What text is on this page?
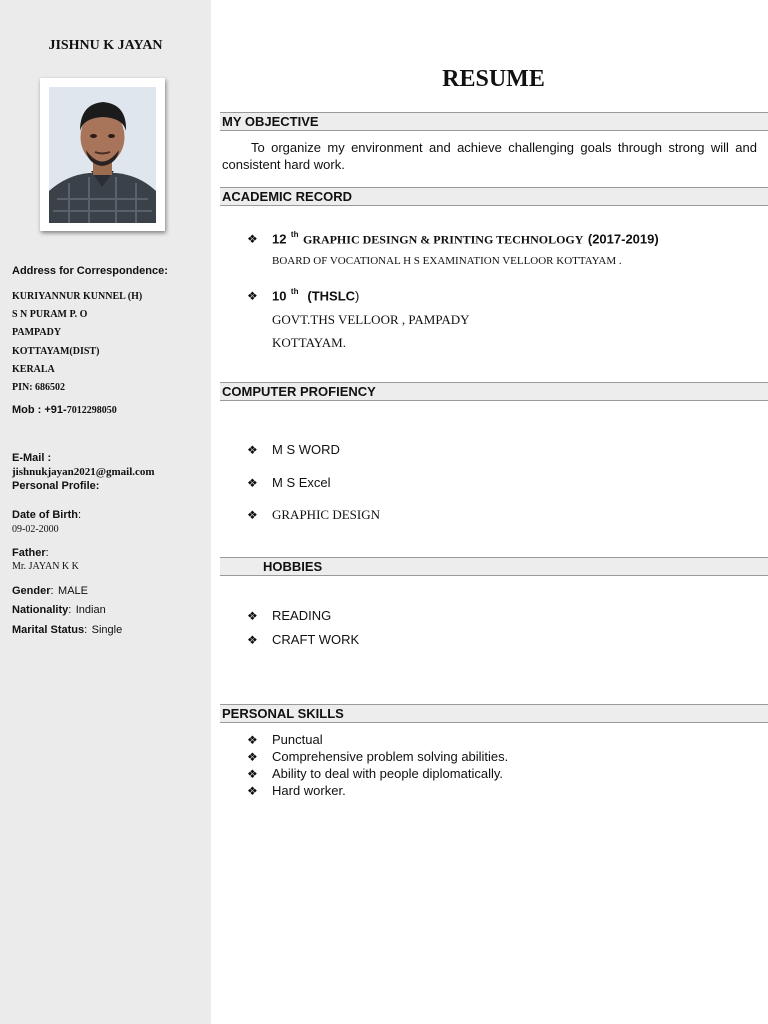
JISHNU K JAYAN
Address for Correspondence:
KURIYANNUR KUNNEL (H)
S N PURAM P. O
PAMPADY
KOTTAYAM(DIST)
KERALA
PIN: 686502
Mob : +91-7012298050
E-Mail :
jishnukjayan2021@gmail.com
Personal Profile:
Date of Birth:
09-02-2000
Father:
Mr. JAYAN K K
Gender: MALE
Nationality: Indian
Marital Status: Single
RESUME
MY OBJECTIVE
To organize my environment and achieve challenging goals through strong will and consistent hard work.
ACADEMIC RECORD
❖ 12 $^{th}$ GRAPHIC DESINGN & PRINTING TECHNOLOGY (2017-2019)
BOARD OF VOCATIONAL H S EXAMINATION VELLOOR KOTTAYAM .
❖ 10 $^{th}$ (THSLC)
GOVT.THS VELLOOR , PAMPADY
KOTTAYAM.
COMPUTER PROFIENCY
❖ M S WORD
❖ M S Excel
❖ GRAPHIC DESIGN
HOBBIES
❖ READING
❖ CRAFT WORK
PERSONAL SKILLS
❖ Punctual
❖ Comprehensive problem solving abilities.
❖ Ability to deal with people diplomatically.
❖ Hard worker.
